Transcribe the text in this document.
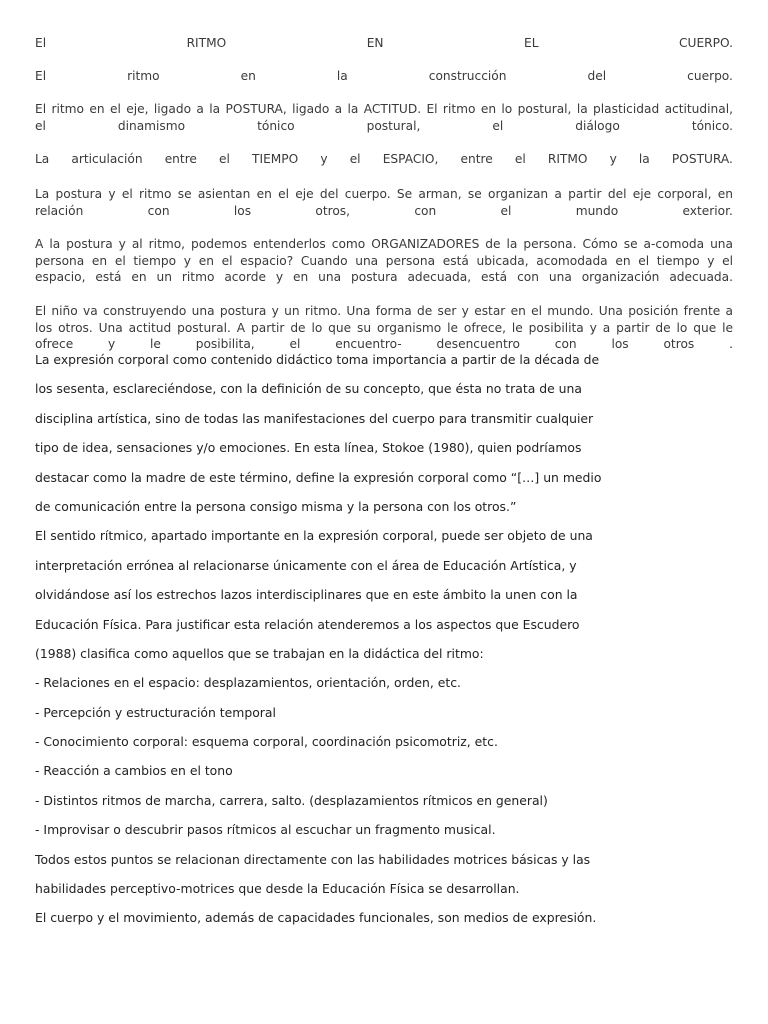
El	RITMO	EN	EL	CUERPO.
El	ritmo	en	la	construcción	del	cuerpo.
El ritmo en el eje, ligado a la POSTURA, ligado a la ACTITUD. El ritmo en lo postural, la plasticidad actitudinal,
el	dinamismo	tónico	postural,	el	diálogo	tónico.
La articulación entre el TIEMPO y el ESPACIO, entre el RITMO y la POSTURA.
La postura y el ritmo se asientan en el eje del cuerpo. Se arman, se organizan a partir del eje corporal, en
relación	con	los	otros,	con	el	mundo	exterior.
A la postura y al ritmo, podemos entenderlos como ORGANIZADORES de la persona. Cómo se a-comoda una
persona en el tiempo y en el espacio? Cuando una persona está ubicada, acomodada en el tiempo y el
espacio, está en un ritmo acorde y en una postura adecuada, está con una organización adecuada.
El niño va construyendo una postura y un ritmo. Una forma de ser y estar en el mundo. Una posición frente a
los otros. Una actitud postural. A partir de lo que su organismo le ofrece, le posibilita y a partir de lo que le
ofrece	y	le	posibilita,	el	encuentro-	desencuentro	con	los	otros	.
La expresión corporal como contenido didáctico toma importancia a partir de la década de
los sesenta, esclareciéndose, con la definición de su concepto, que ésta no trata de una
disciplina artística, sino de todas las manifestaciones del cuerpo para transmitir cualquier
tipo de idea, sensaciones y/o emociones. En esta línea, Stokoe (1980), quien podríamos
destacar como la madre de este término, define la expresión corporal como “[…] un medio
de comunicación entre la persona consigo misma y la persona con los otros.”
El sentido rítmico, apartado importante en la expresión corporal, puede ser objeto de una
interpretación errónea al relacionarse únicamente con el área de Educación Artística, y
olvidándose así los estrechos lazos interdisciplinares que en este ámbito la unen con la
Educación Física. Para justificar esta relación atenderemos a los aspectos que Escudero
(1988) clasifica como aquellos que se trabajan en la didáctica del ritmo:
- Relaciones en el espacio: desplazamientos, orientación, orden, etc.
- Percepción y estructuración temporal
- Conocimiento corporal: esquema corporal, coordinación psicomotriz, etc.
- Reacción a cambios en el tono
- Distintos ritmos de marcha, carrera, salto. (desplazamientos rítmicos en general)
- Improvisar o descubrir pasos rítmicos al escuchar un fragmento musical.
Todos estos puntos se relacionan directamente con las habilidades motrices básicas y las
habilidades perceptivo-motrices que desde la Educación Física se desarrollan.
El cuerpo y el movimiento, además de capacidades funcionales, son medios de expresión.
